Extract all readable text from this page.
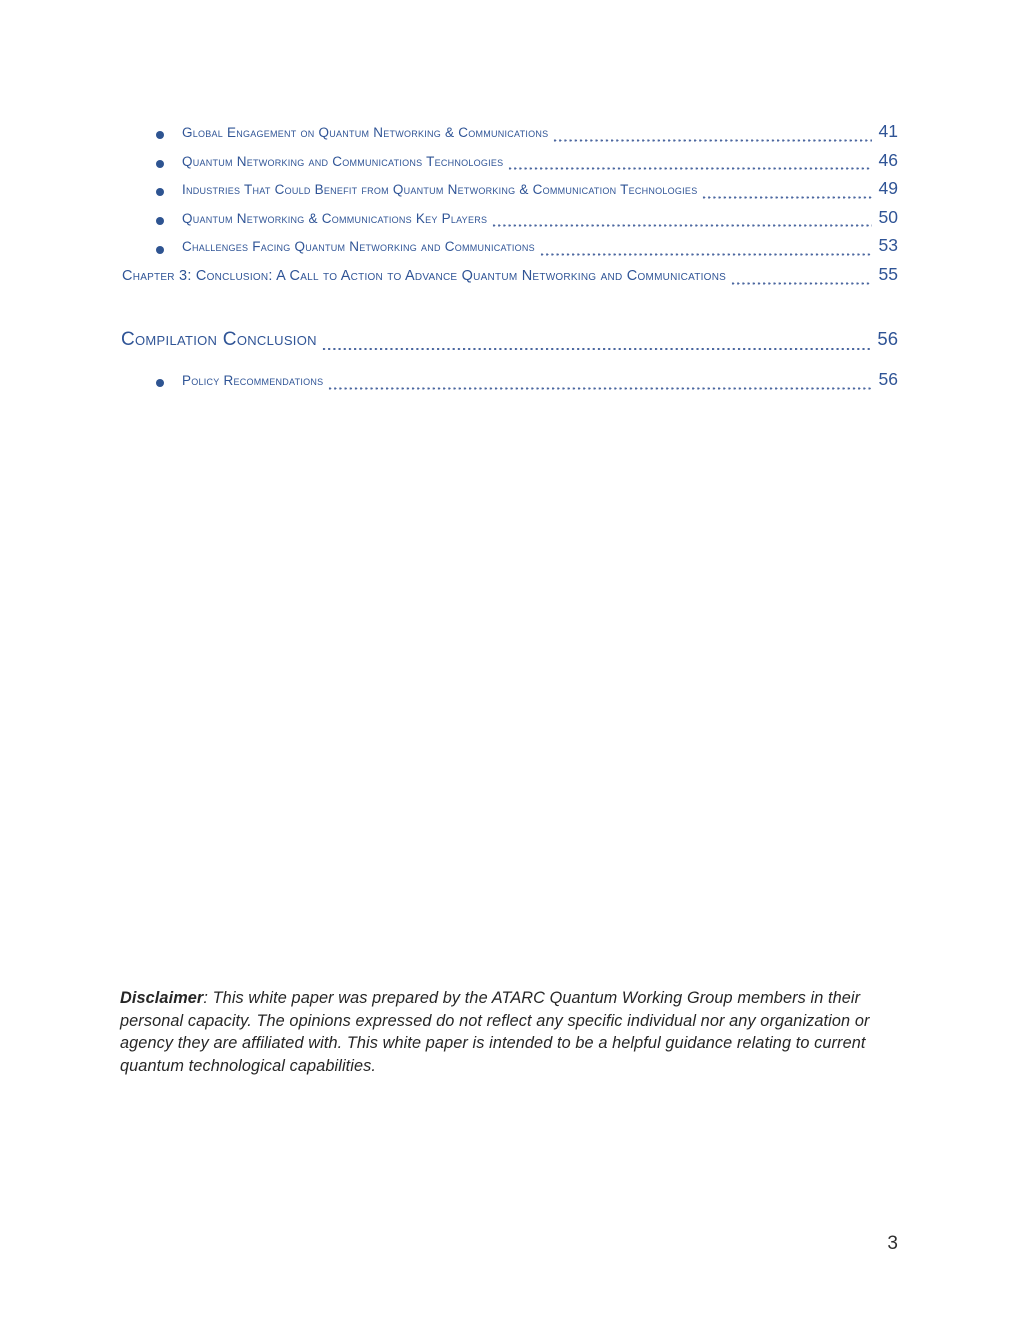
Global Engagement on Quantum Networking & Communications	41
Quantum Networking and Communications Technologies	46
Industries That Could Benefit from Quantum Networking & Communication Technologies	49
Quantum Networking & Communications Key Players	50
Challenges Facing Quantum Networking and Communications	53
Chapter 3: Conclusion: A Call to Action to Advance Quantum Networking and Communications	55
Compilation Conclusion	56
Policy Recommendations	56
Disclaimer: This white paper was prepared by the ATARC Quantum Working Group members in their
personal capacity. The opinions expressed do not reflect any specific individual nor any organization or
agency they are affiliated with. This white paper is intended to be a helpful guidance relating to current
quantum technological capabilities.
3
